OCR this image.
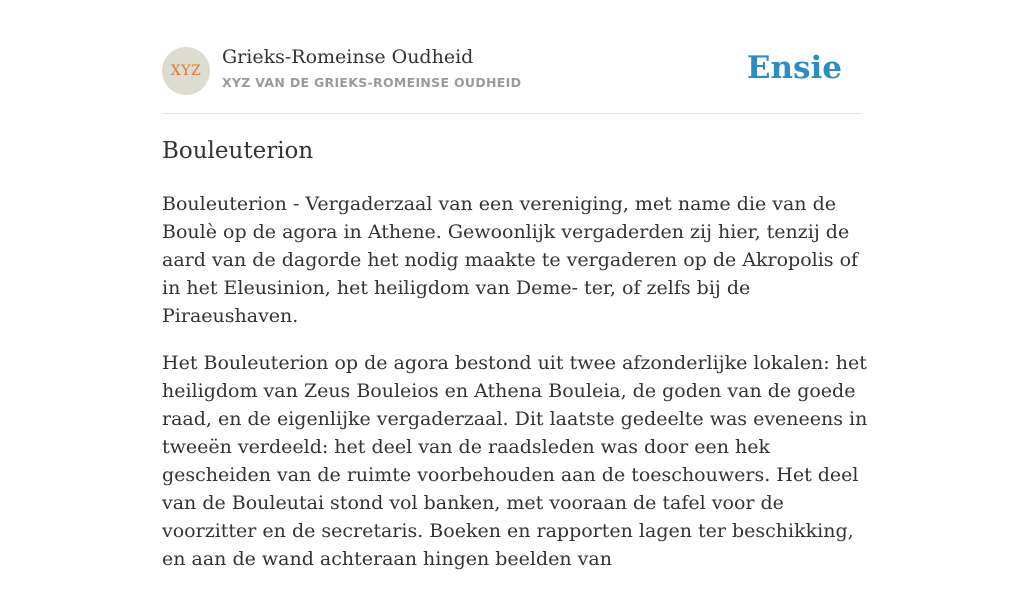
XYZ
Grieks-Romeinse Oudheid
XYZ VAN DE GRIEKS-ROMEINSE OUDHEID	Ensie
Bouleuterion

Bouleuterion - Vergaderzaal van een vereniging, met name die van de Boulè op de agora in Athene. Gewoonlijk vergaderden zij hier, tenzij de aard van de dagorde het nodig maakte te vergaderen op de Akropolis of in het Eleusinion, het heiligdom van Deme- ter, of zelfs bij de Piraeushaven.

Het Bouleuterion op de agora bestond uit twee afzonderlijke lokalen: het heiligdom van Zeus Bouleios en Athena Bouleia, de goden van de goede raad, en de eigenlijke vergaderzaal. Dit laatste gedeelte was eveneens in tweeën verdeeld: het deel van de raadsleden was door een hek gescheiden van de ruimte voorbehouden aan de toeschouwers. Het deel van de Bouleutai stond vol banken, met vooraan de tafel voor de voorzitter en de secretaris. Boeken en rapporten lagen ter beschikking, en aan de wand achteraan hingen beelden van
